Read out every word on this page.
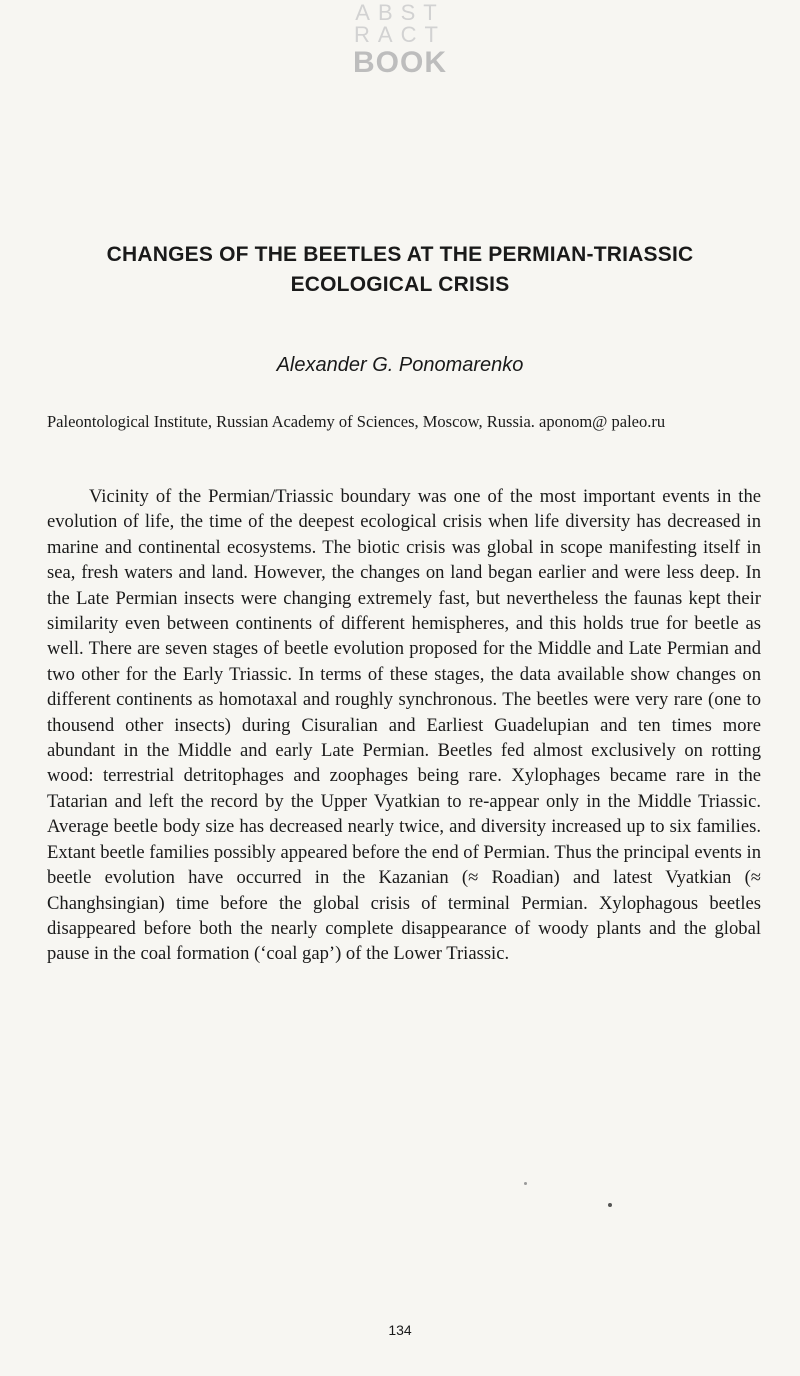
ABST
RACT
BOOK
CHANGES OF THE BEETLES AT THE PERMIAN-TRIASSIC
ECOLOGICAL CRISIS
Alexander G. Ponomarenko
Paleontological Institute, Russian Academy of Sciences, Moscow, Russia. aponom@ paleo.ru

Vicinity of the Permian/Triassic boundary was one of the most important events in the evolution of life, the time of the deepest ecological crisis when life diversity has decreased in marine and continental ecosystems. The biotic crisis was global in scope manifesting itself in sea, fresh waters and land. However, the changes on land began earlier and were less deep. In the Late Permian insects were changing extremely fast, but nevertheless the faunas kept their similarity even between continents of different hemispheres, and this holds true for beetle as well. There are seven stages of beetle evolution proposed for the Middle and Late Permian and two other for the Early Triassic. In terms of these stages, the data available show changes on different continents as homotaxal and roughly synchronous. The beetles were very rare (one to thousend other insects) during Cisuralian and Earliest Guadelupian and ten times more abundant in the Middle and early Late Permian. Beetles fed almost exclusively on rotting wood: terrestrial detritophages and zoophages being rare. Xylophages became rare in the Tatarian and left the record by the Upper Vyatkian to re-appear only in the Middle Triassic. Average beetle body size has decreased nearly twice, and diversity increased up to six families. Extant beetle families possibly appeared before the end of Permian. Thus the principal events in beetle evolution have occurred in the Kazanian (≈ Roadian) and latest Vyatkian (≈ Changhsingian) time before the global crisis of terminal Permian. Xylophagous beetles disappeared before both the nearly complete disappearance of woody plants and the global pause in the coal formation (‘coal gap’) of the Lower Triassic.

134
